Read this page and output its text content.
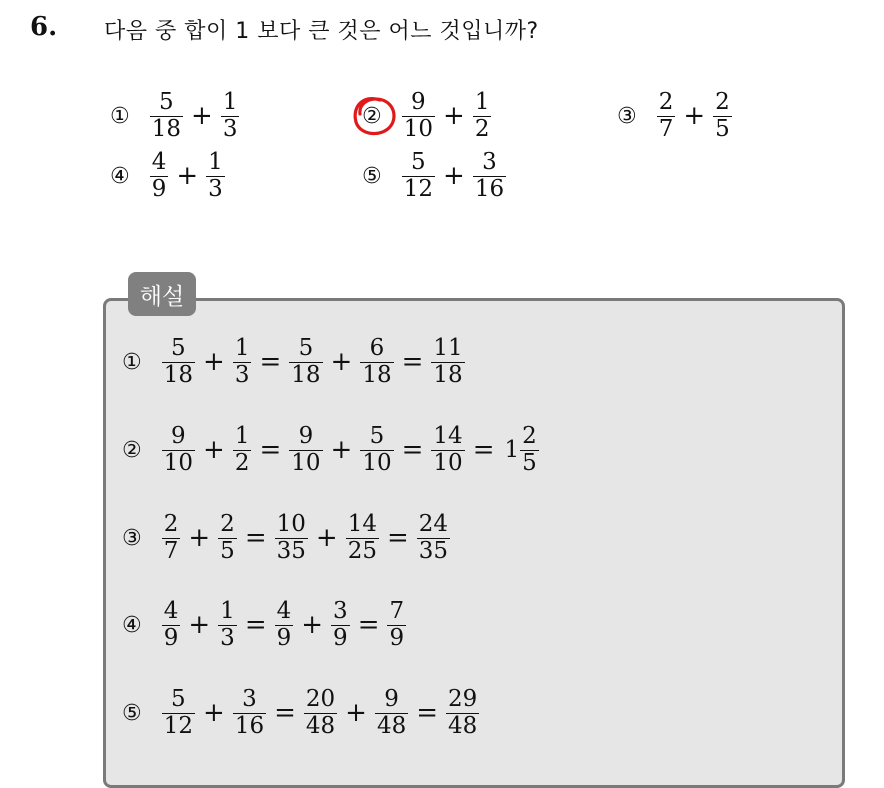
6. 다음 중 합이 1 보다 큰 것은 어느 것입니까?
① $\frac{5}{18} + \frac{1}{3}$	② $\frac{9}{10} + \frac{1}{2}$	③ $\frac{2}{7} + \frac{2}{5}$
④ $\frac{4}{9} + \frac{1}{3}$	⑤ $\frac{5}{12} + \frac{3}{16}$
해설
① $\frac{5}{18} + \frac{1}{3} = \frac{5}{18} + \frac{6}{18} = \frac{11}{18}$
② $\frac{9}{10} + \frac{1}{2} = \frac{9}{10} + \frac{5}{10} = \frac{14}{10} = 1 \frac{2}{5}$
③ $\frac{2}{7} + \frac{2}{5} = \frac{10}{35} + \frac{14}{25} = \frac{24}{35}$
④ $\frac{4}{9} + \frac{1}{3} = \frac{4}{9} + \frac{3}{9} = \frac{7}{9}$
⑤ $\frac{5}{12} + \frac{3}{16} = \frac{20}{48} + \frac{9}{48} = \frac{29}{48}$
